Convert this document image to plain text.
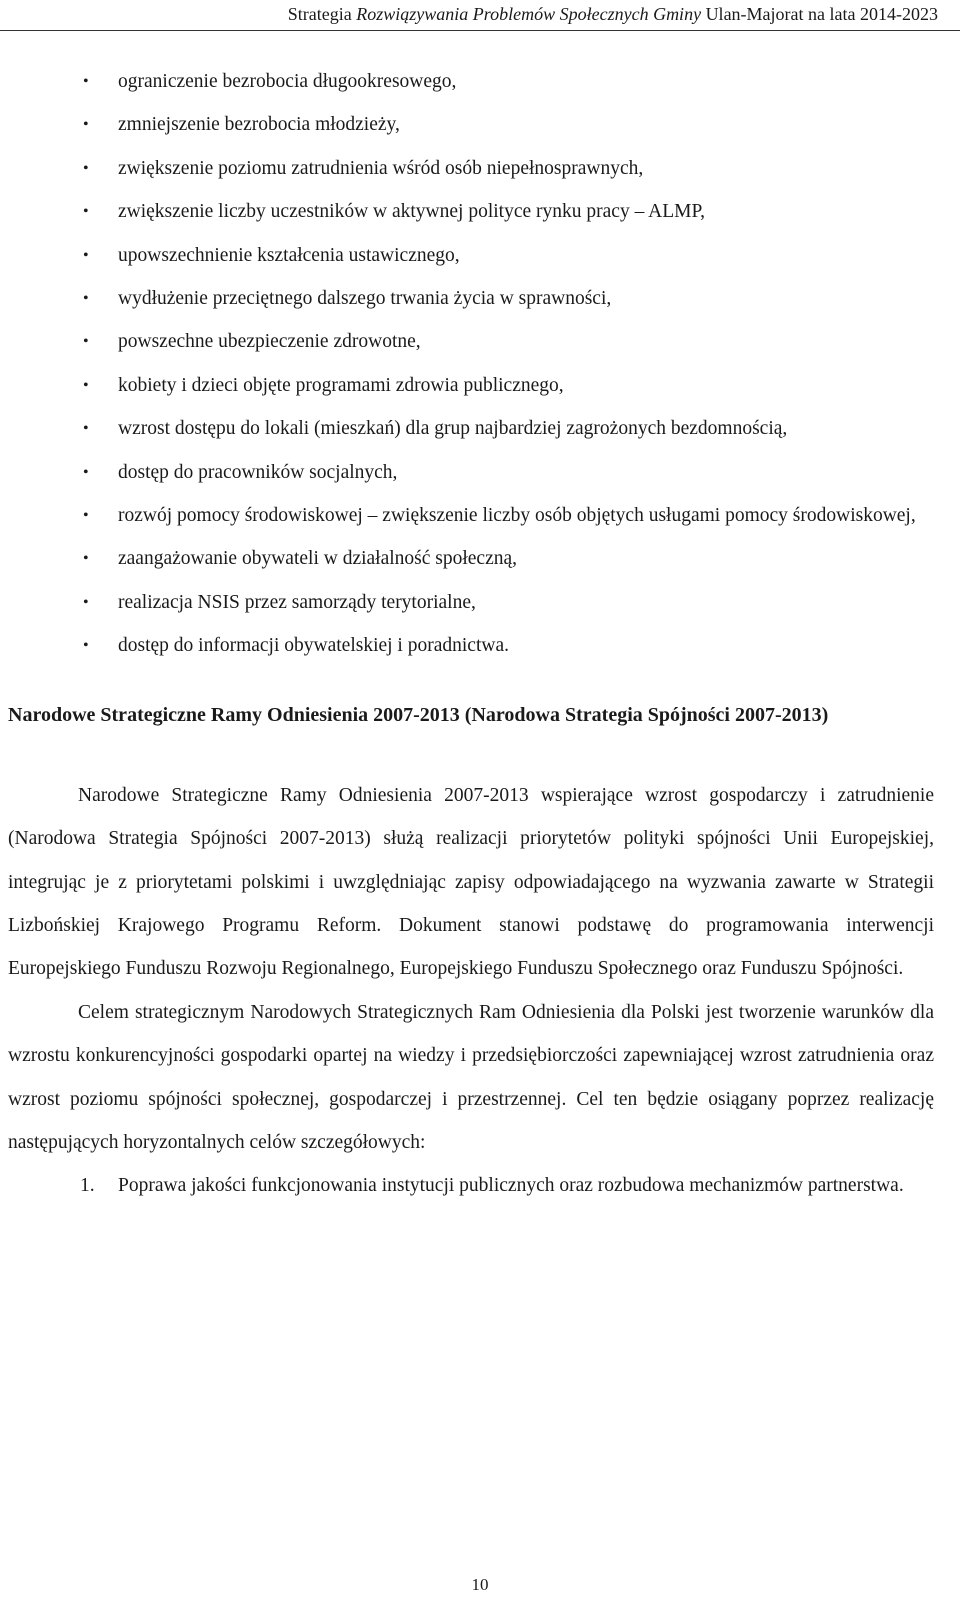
Strategia Rozwiązywania Problemów Społecznych Gminy Ulan-Majorat na lata 2014-2023
• ograniczenie bezrobocia długookresowego,
• zmniejszenie bezrobocia młodzieży,
• zwiększenie poziomu zatrudnienia wśród osób niepełnosprawnych,
• zwiększenie liczby uczestników w aktywnej polityce rynku pracy – ALMP,
• upowszechnienie kształcenia ustawicznego,
• wydłużenie przeciętnego dalszego trwania życia w sprawności,
• powszechne ubezpieczenie zdrowotne,
• kobiety i dzieci objęte programami zdrowia publicznego,
• wzrost dostępu do lokali (mieszkań) dla grup najbardziej zagrożonych bezdomnością,
• dostęp do pracowników socjalnych,
• rozwój pomocy środowiskowej – zwiększenie liczby osób objętych usługami pomocy środowiskowej,
• zaangażowanie obywateli w działalność społeczną,
• realizacja NSIS przez samorządy terytorialne,
• dostęp do informacji obywatelskiej i poradnictwa.
Narodowe Strategiczne Ramy Odniesienia 2007-2013 (Narodowa Strategia Spójności 2007-2013)

Narodowe Strategiczne Ramy Odniesienia 2007-2013 wspierające wzrost gospodarczy i zatrudnienie (Narodowa Strategia Spójności 2007-2013) służą realizacji priorytetów polityki spójności Unii Europejskiej, integrując je z priorytetami polskimi i uwzględniając zapisy odpowiadającego na wyzwania zawarte w Strategii Lizbońskiej Krajowego Programu Reform. Dokument stanowi podstawę do programowania interwencji Europejskiego Funduszu Rozwoju Regionalnego, Europejskiego Funduszu Społecznego oraz Funduszu Spójności.

Celem strategicznym Narodowych Strategicznych Ram Odniesienia dla Polski jest tworzenie warunków dla wzrostu konkurencyjności gospodarki opartej na wiedzy i przedsiębiorczości zapewniającej wzrost zatrudnienia oraz wzrost poziomu spójności społecznej, gospodarczej i przestrzennej. Cel ten będzie osiągany poprzez realizację następujących horyzontalnych celów szczegółowych:

1. Poprawa jakości funkcjonowania instytucji publicznych oraz rozbudowa mechanizmów partnerstwa.
10
